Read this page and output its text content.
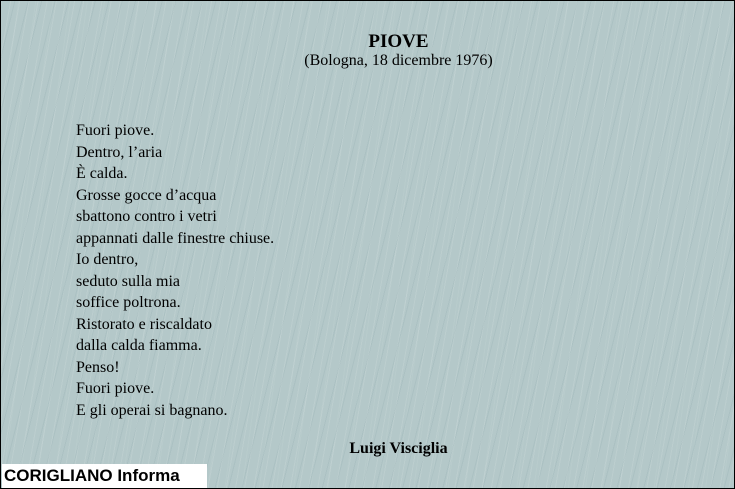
PIOVE

(Bologna, 18 dicembre 1976)

Fuori piove.
Dentro, l’aria
È calda.
Grosse gocce d’acqua
sbattono contro i vetri
appannati dalle finestre chiuse.
Io dentro,
seduto sulla mia
soffice poltrona.
Ristorato e riscaldato
dalla calda fiamma.
Penso!
Fuori piove.
E gli operai si bagnano.

Luigi Visciglia

CORIGLIANO Informa
